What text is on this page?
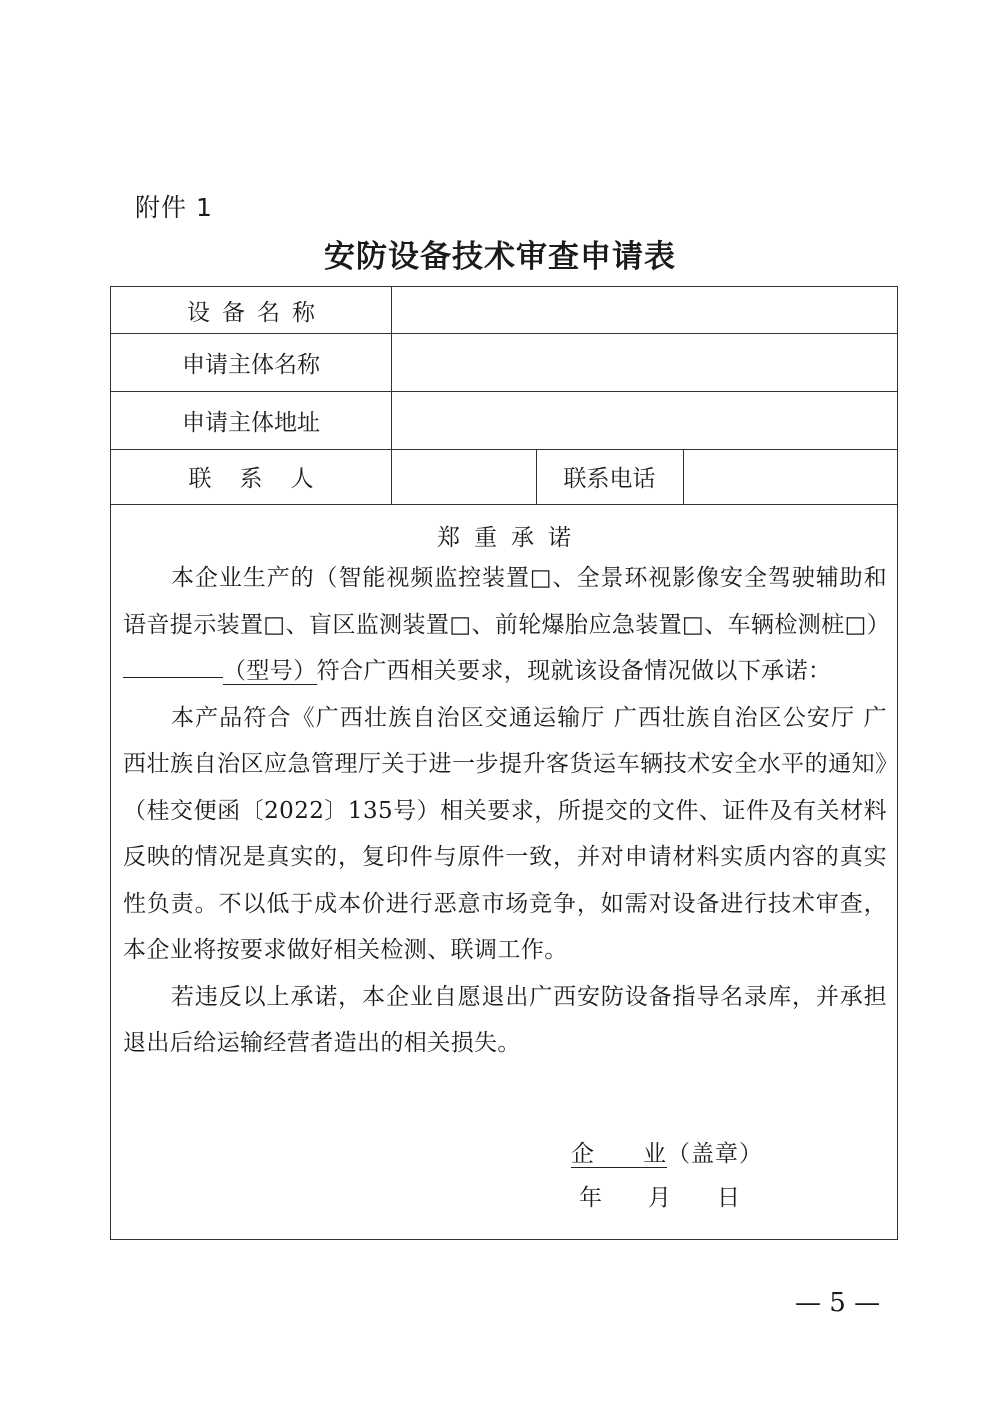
附件 1
安防设备技术审查申请表
设备名称
申请主体名称
申请主体地址
联系人	联系电话
郑重承诺

本企业生产的（智能视频监控装置□、全景环视影像安全驾驶辅助和语音提示装置□、盲区监测装置□、前轮爆胎应急装置□、车辆检测桩□）（型号）符合广西相关要求，现就该设备情况做以下承诺：

本产品符合《广西壮族自治区交通运输厅 广西壮族自治区公安厅 广西壮族自治区应急管理厅关于进一步提升客货运车辆技术安全水平的通知》（桂交便函〔2022〕135号）相关要求，所提交的文件、证件及有关材料反映的情况是真实的，复印件与原件一致，并对申请材料实质内容的真实性负责。不以低于成本价进行恶意市场竞争，如需对设备进行技术审查，本企业将按要求做好相关检测、联调工作。

若违反以上承诺，本企业自愿退出广西安防设备指导名录库，并承担退出后给运输经营者造出的相关损失。

企　　业（盖章）
年　　月　　日
— 5 —
